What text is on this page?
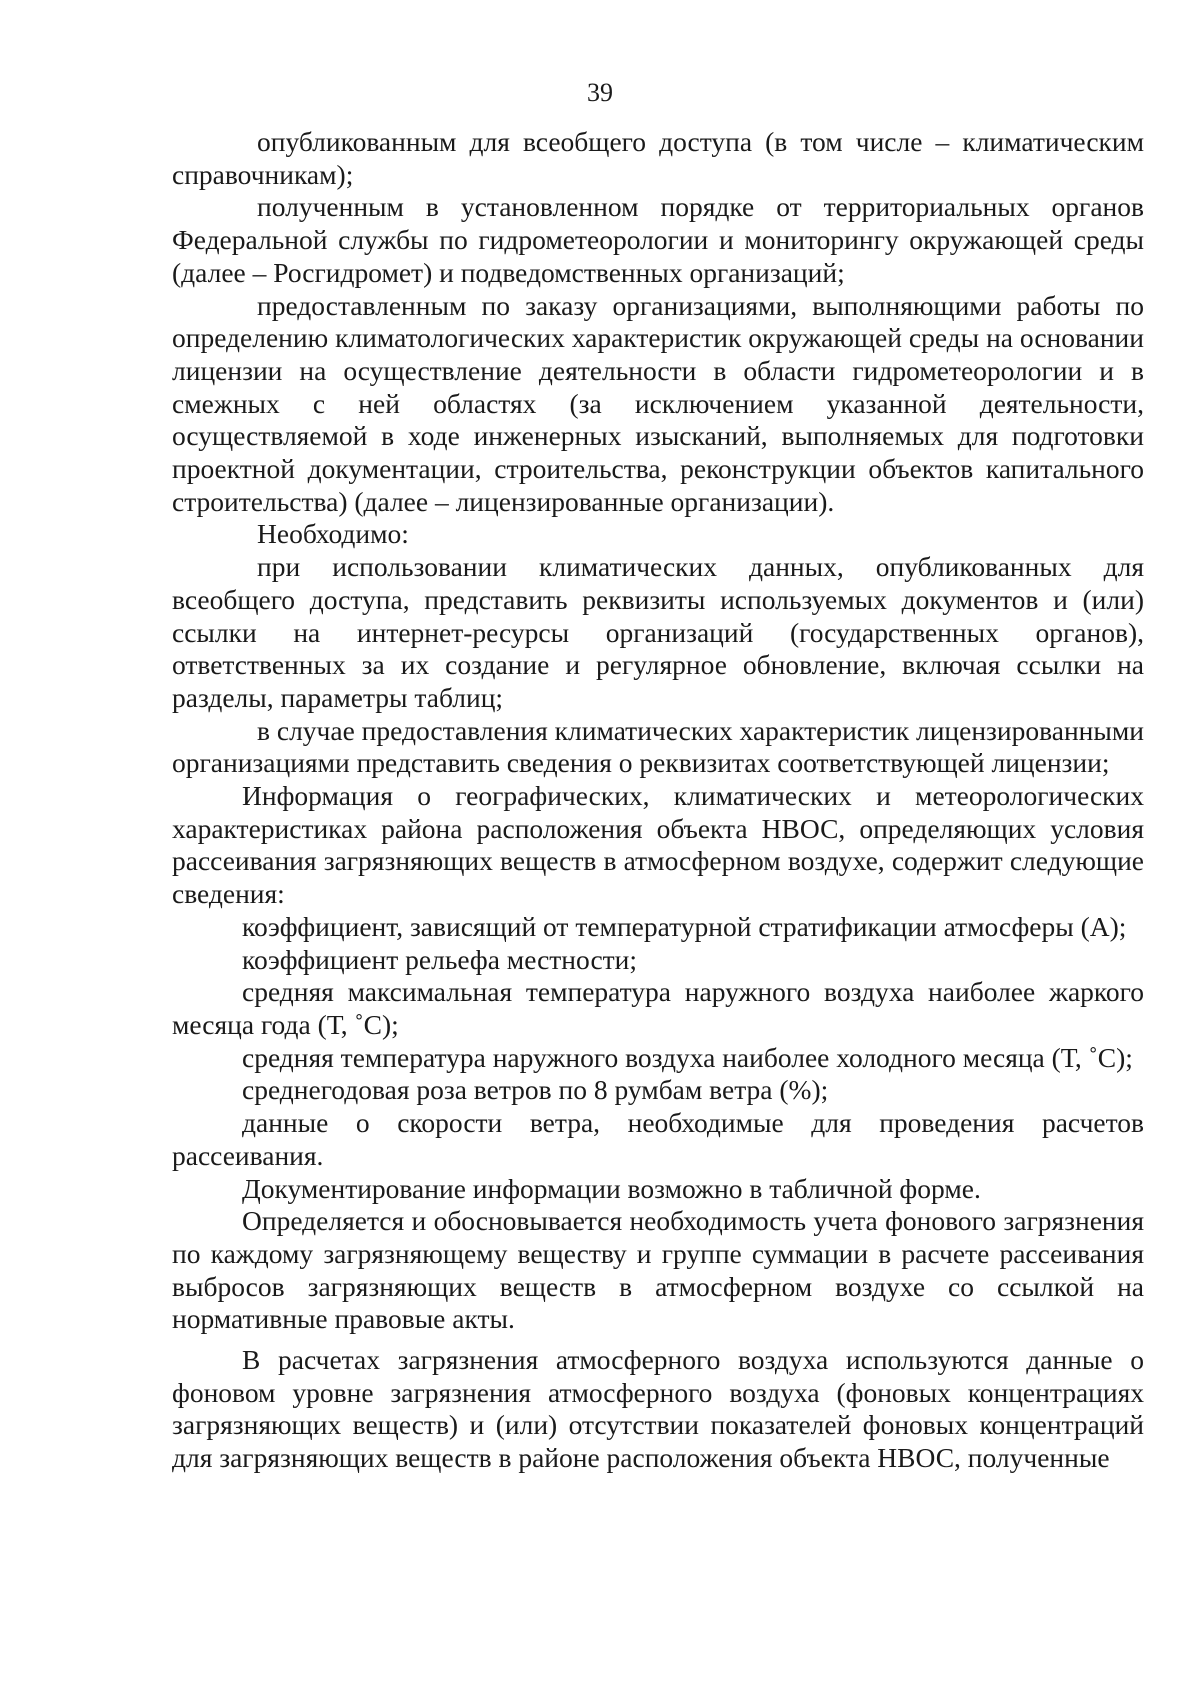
39

опубликованным для всеобщего доступа (в том числе – климатическим справочникам);

полученным в установленном порядке от территориальных органов Федеральной службы по гидрометеорологии и мониторингу окружающей среды (далее – Росгидромет) и подведомственных организаций;

предоставленным по заказу организациями, выполняющими работы по определению климатологических характеристик окружающей среды на основании лицензии на осуществление деятельности в области гидрометеорологии и в смежных с ней областях (за исключением указанной деятельности, осуществляемой в ходе инженерных изысканий, выполняемых для подготовки проектной документации, строительства, реконструкции объектов капитального строительства) (далее – лицензированные организации).

Необходимо:

при использовании климатических данных, опубликованных для всеобщего доступа, представить реквизиты используемых документов и (или) ссылки на интернет-ресурсы организаций (государственных органов), ответственных за их создание и регулярное обновление, включая ссылки на разделы, параметры таблиц;

в случае предоставления климатических характеристик лицензированными организациями представить сведения о реквизитах соответствующей лицензии;

Информация о географических, климатических и метеорологических характеристиках района расположения объекта НВОС, определяющих условия рассеивания загрязняющих веществ в атмосферном воздухе, содержит следующие сведения:

коэффициент, зависящий от температурной стратификации атмосферы (А);

коэффициент рельефа местности;

средняя максимальная температура наружного воздуха наиболее жаркого месяца года (Т, ˚С);

средняя температура наружного воздуха наиболее холодного месяца (Т, ˚С);

среднегодовая роза ветров по 8 румбам ветра (%);

данные о скорости ветра, необходимые для проведения расчетов рассеивания.

Документирование информации возможно в табличной форме.

Определяется и обосновывается необходимость учета фонового загрязнения по каждому загрязняющему веществу и группе суммации в расчете рассеивания выбросов загрязняющих веществ в атмосферном воздухе со ссылкой на нормативные правовые акты.

В расчетах загрязнения атмосферного воздуха используются данные о фоновом уровне загрязнения атмосферного воздуха (фоновых концентрациях загрязняющих веществ) и (или) отсутствии показателей фоновых концентраций для загрязняющих веществ в районе расположения объекта НВОС, полученные
